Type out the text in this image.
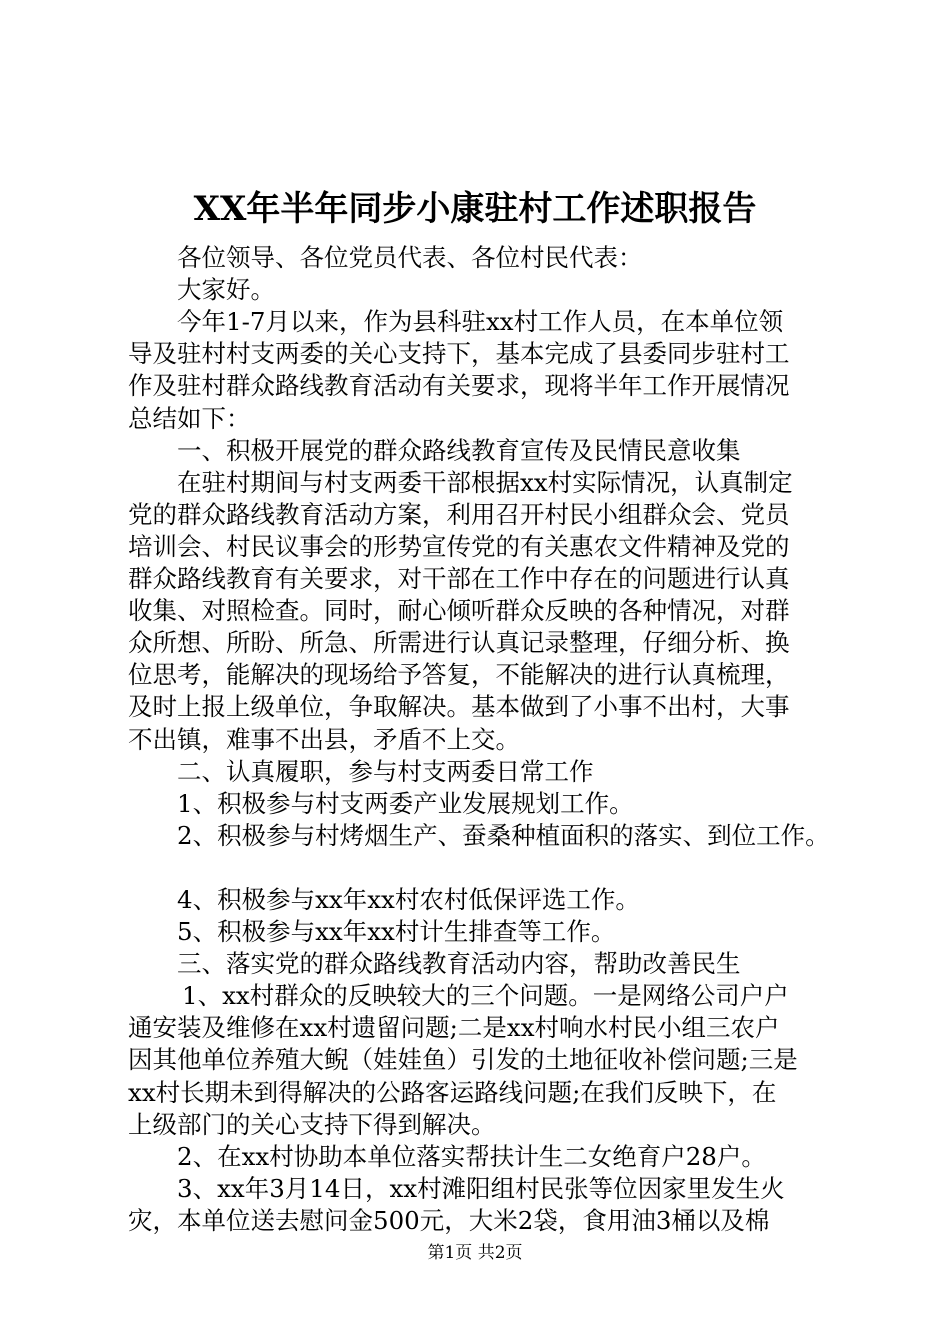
XX年半年同步小康驻村工作述职报告
各位领导、各位党员代表、各位村民代表：
大家好。
今年1-7月以来，作为县科驻xx村工作人员，在本单位领
导及驻村村支两委的关心支持下，基本完成了县委同步驻村工
作及驻村群众路线教育活动有关要求，现将半年工作开展情况
总结如下：
一、积极开展党的群众路线教育宣传及民情民意收集
在驻村期间与村支两委干部根据xx村实际情况，认真制定
党的群众路线教育活动方案，利用召开村民小组群众会、党员
培训会、村民议事会的形势宣传党的有关惠农文件精神及党的
群众路线教育有关要求，对干部在工作中存在的问题进行认真
收集、对照检查。同时，耐心倾听群众反映的各种情况，对群
众所想、所盼、所急、所需进行认真记录整理，仔细分析、换
位思考，能解决的现场给予答复，不能解决的进行认真梳理，
及时上报上级单位，争取解决。基本做到了小事不出村，大事
不出镇，难事不出县，矛盾不上交。
二、认真履职，参与村支两委日常工作
1、积极参与村支两委产业发展规划工作。
2、积极参与村烤烟生产、蚕桑种植面积的落实、到位工作。
4、积极参与xx年xx村农村低保评选工作。
5、积极参与xx年xx村计生排查等工作。
三、落实党的群众路线教育活动内容，帮助改善民生
1、xx村群众的反映较大的三个问题。一是网络公司户户
通安装及维修在xx村遗留问题;二是xx村响水村民小组三农户
因其他单位养殖大鲵（娃娃鱼）引发的土地征收补偿问题;三是
xx村长期未到得解决的公路客运路线问题;在我们反映下，在
上级部门的关心支持下得到解决。
2、在xx村协助本单位落实帮扶计生二女绝育户28户。
3、xx年3月14日，xx村滩阳组村民张等位因家里发生火
灾，本单位送去慰问金500元，大米2袋，食用油3桶以及棉
第1页 共2页
